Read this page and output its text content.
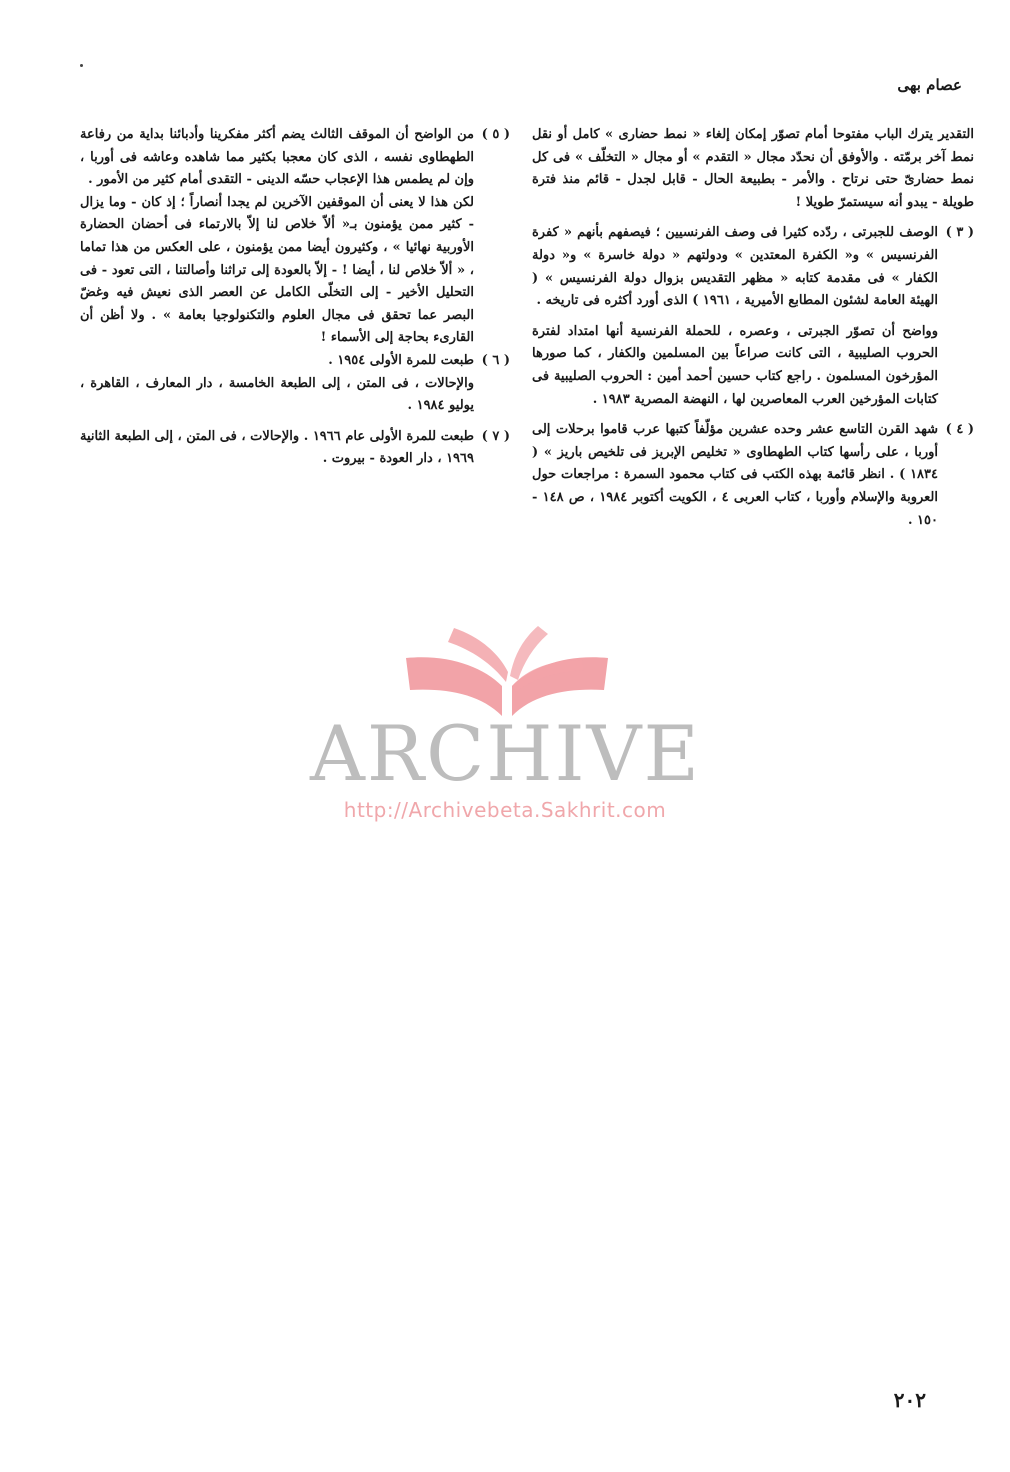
عصام بهى

التقدير يترك الباب مفتوحا أمام تصوّر إمكان إلغاء « نمط حضارى » كامل أو نقل نمط آخر برمّته . والأوفق أن نحدّد مجال « التقدم » أو مجال « التخلّف » فى كل نمط حضارىّ حتى نرتاح . والأمر - بطبيعة الحال - قابل لجدل - قائم منذ فترة طويلة - يبدو أنه سيستمرّ طويلا !

( ٣ )
الوصف للجبرتى ، ردّده كثيرا فى وصف الفرنسيين ؛ فيصفهم بأنهم « كفرة الفرنسيس » و« الكفرة المعتدين » ودولتهم « دولة خاسرة » و« دولة الكفار » فى مقدمة كتابه « مظهر التقديس بزوال دولة الفرنسيس » ( الهيئة العامة لشئون المطابع الأميرية ، ١٩٦١ ) الذى أورد أكثره فى تاريخه .

وواضح أن تصوّر الجبرتى ، وعصره ، للحملة الفرنسية أنها امتداد لفترة الحروب الصليبية ، التى كانت صراعاً بين المسلمين والكفار ، كما صورها المؤرخون المسلمون . راجع كتاب حسين أحمد أمين : الحروب الصليبية فى كتابات المؤرخين العرب المعاصرين لها ، النهضة المصرية ١٩٨٣ .

( ٤ )
شهد القرن التاسع عشر وحده عشرين مؤلّفاً كتبها عرب قاموا برحلات إلى أوربا ، على رأسها كتاب الطهطاوى « تخليص الإبريز فى تلخيص باريز » ( ١٨٣٤ ) . انظر قائمة بهذه الكتب فى كتاب محمود السمرة : مراجعات حول العروبة والإسلام وأوربا ، كتاب العربى ٤ ، الكويت أكتوبر ١٩٨٤ ، ص ١٤٨ - ١٥٠ .
( ٥ )
من الواضح أن الموقف الثالث يضم أكثر مفكرينا وأدبائنا بداية من رفاعة الطهطاوى نفسه ، الذى كان معجبا بكثير مما شاهده وعاشه فى أوربا ، وإن لم يطمس هذا الإعجاب حسّه الدينى - التقدى أمام كثير من الأمور .

لكن هذا لا يعنى أن الموقفين الآخرين لم يجدا أنصاراً ؛ إذ كان - وما يزال - كثير ممن يؤمنون بـ« ألاّ خلاص لنا إلاّ بالارتماء فى أحضان الحضارة الأوربية نهائيا » ، وكثيرون أيضا ممن يؤمنون ، على العكس من هذا تماما ، « ألاّ خلاص لنا ، أيضا ! - إلاّ بالعودة إلى تراثنا وأصالتنا ، التى تعود - فى التحليل الأخير - إلى التخلّى الكامل عن العصر الذى نعيش فيه وغضّ البصر عما تحقق فى مجال العلوم والتكنولوجيا بعامة » . ولا أظن أن القارىء بحاجة إلى الأسماء !

( ٦ )
طبعت للمرة الأولى ١٩٥٤ .

والإحالات ، فى المتن ، إلى الطبعة الخامسة ، دار المعارف ، القاهرة ، يوليو ١٩٨٤ .

( ٧ )
طبعت للمرة الأولى عام ١٩٦٦ . والإحالات ، فى المتن ، إلى الطبعة الثانية ١٩٦٩ ، دار العودة - بيروت .
ARCHIVE
http://Archivebeta.Sakhrit.com
٢٠٢
